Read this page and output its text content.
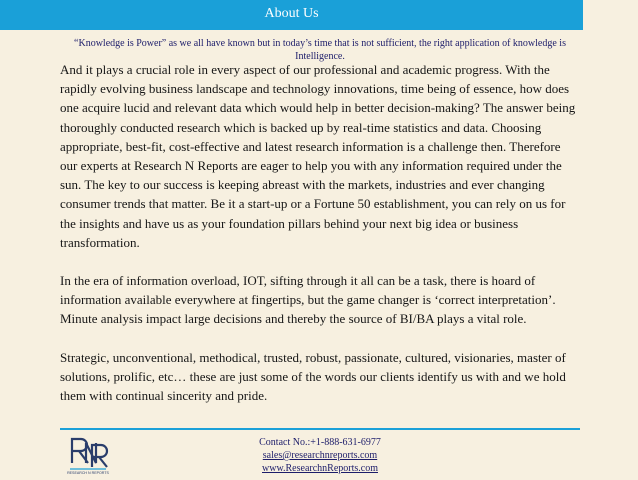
About Us
“Knowledge is Power” as we all have known but in today’s time that is not sufficient, the right application of knowledge is Intelligence.

And it plays a crucial role in every aspect of our professional and academic progress. With the rapidly evolving business landscape and technology innovations, time being of essence, how does one acquire lucid and relevant data which would help in better decision-making? The answer being thoroughly conducted research which is backed up by real-time statistics and data. Choosing appropriate, best-fit, cost-effective and latest research information is a challenge then. Therefore our experts at Research N Reports are eager to help you with any information required under the sun. The key to our success is keeping abreast with the markets, industries and ever changing consumer trends that matter. Be it a start-up or a Fortune 50 establishment, you can rely on us for the insights and have us as your foundation pillars behind your next big idea or business transformation.

In the era of information overload, IOT, sifting through it all can be a task, there is hoard of information available everywhere at fingertips, but the game changer is ‘correct interpretation’. Minute analysis impact large decisions and thereby the source of BI/BA plays a vital role.

Strategic, unconventional, methodical, trusted, robust, passionate, cultured, visionaries, master of solutions, prolific, etc… these are just some of the words our clients identify us with and we hold them with continual sincerity and pride.

RESEARCH N REPORTS
Contact No.:+1-888-631-6977
sales@researchnreports.com
www.ResearchnReports.com
